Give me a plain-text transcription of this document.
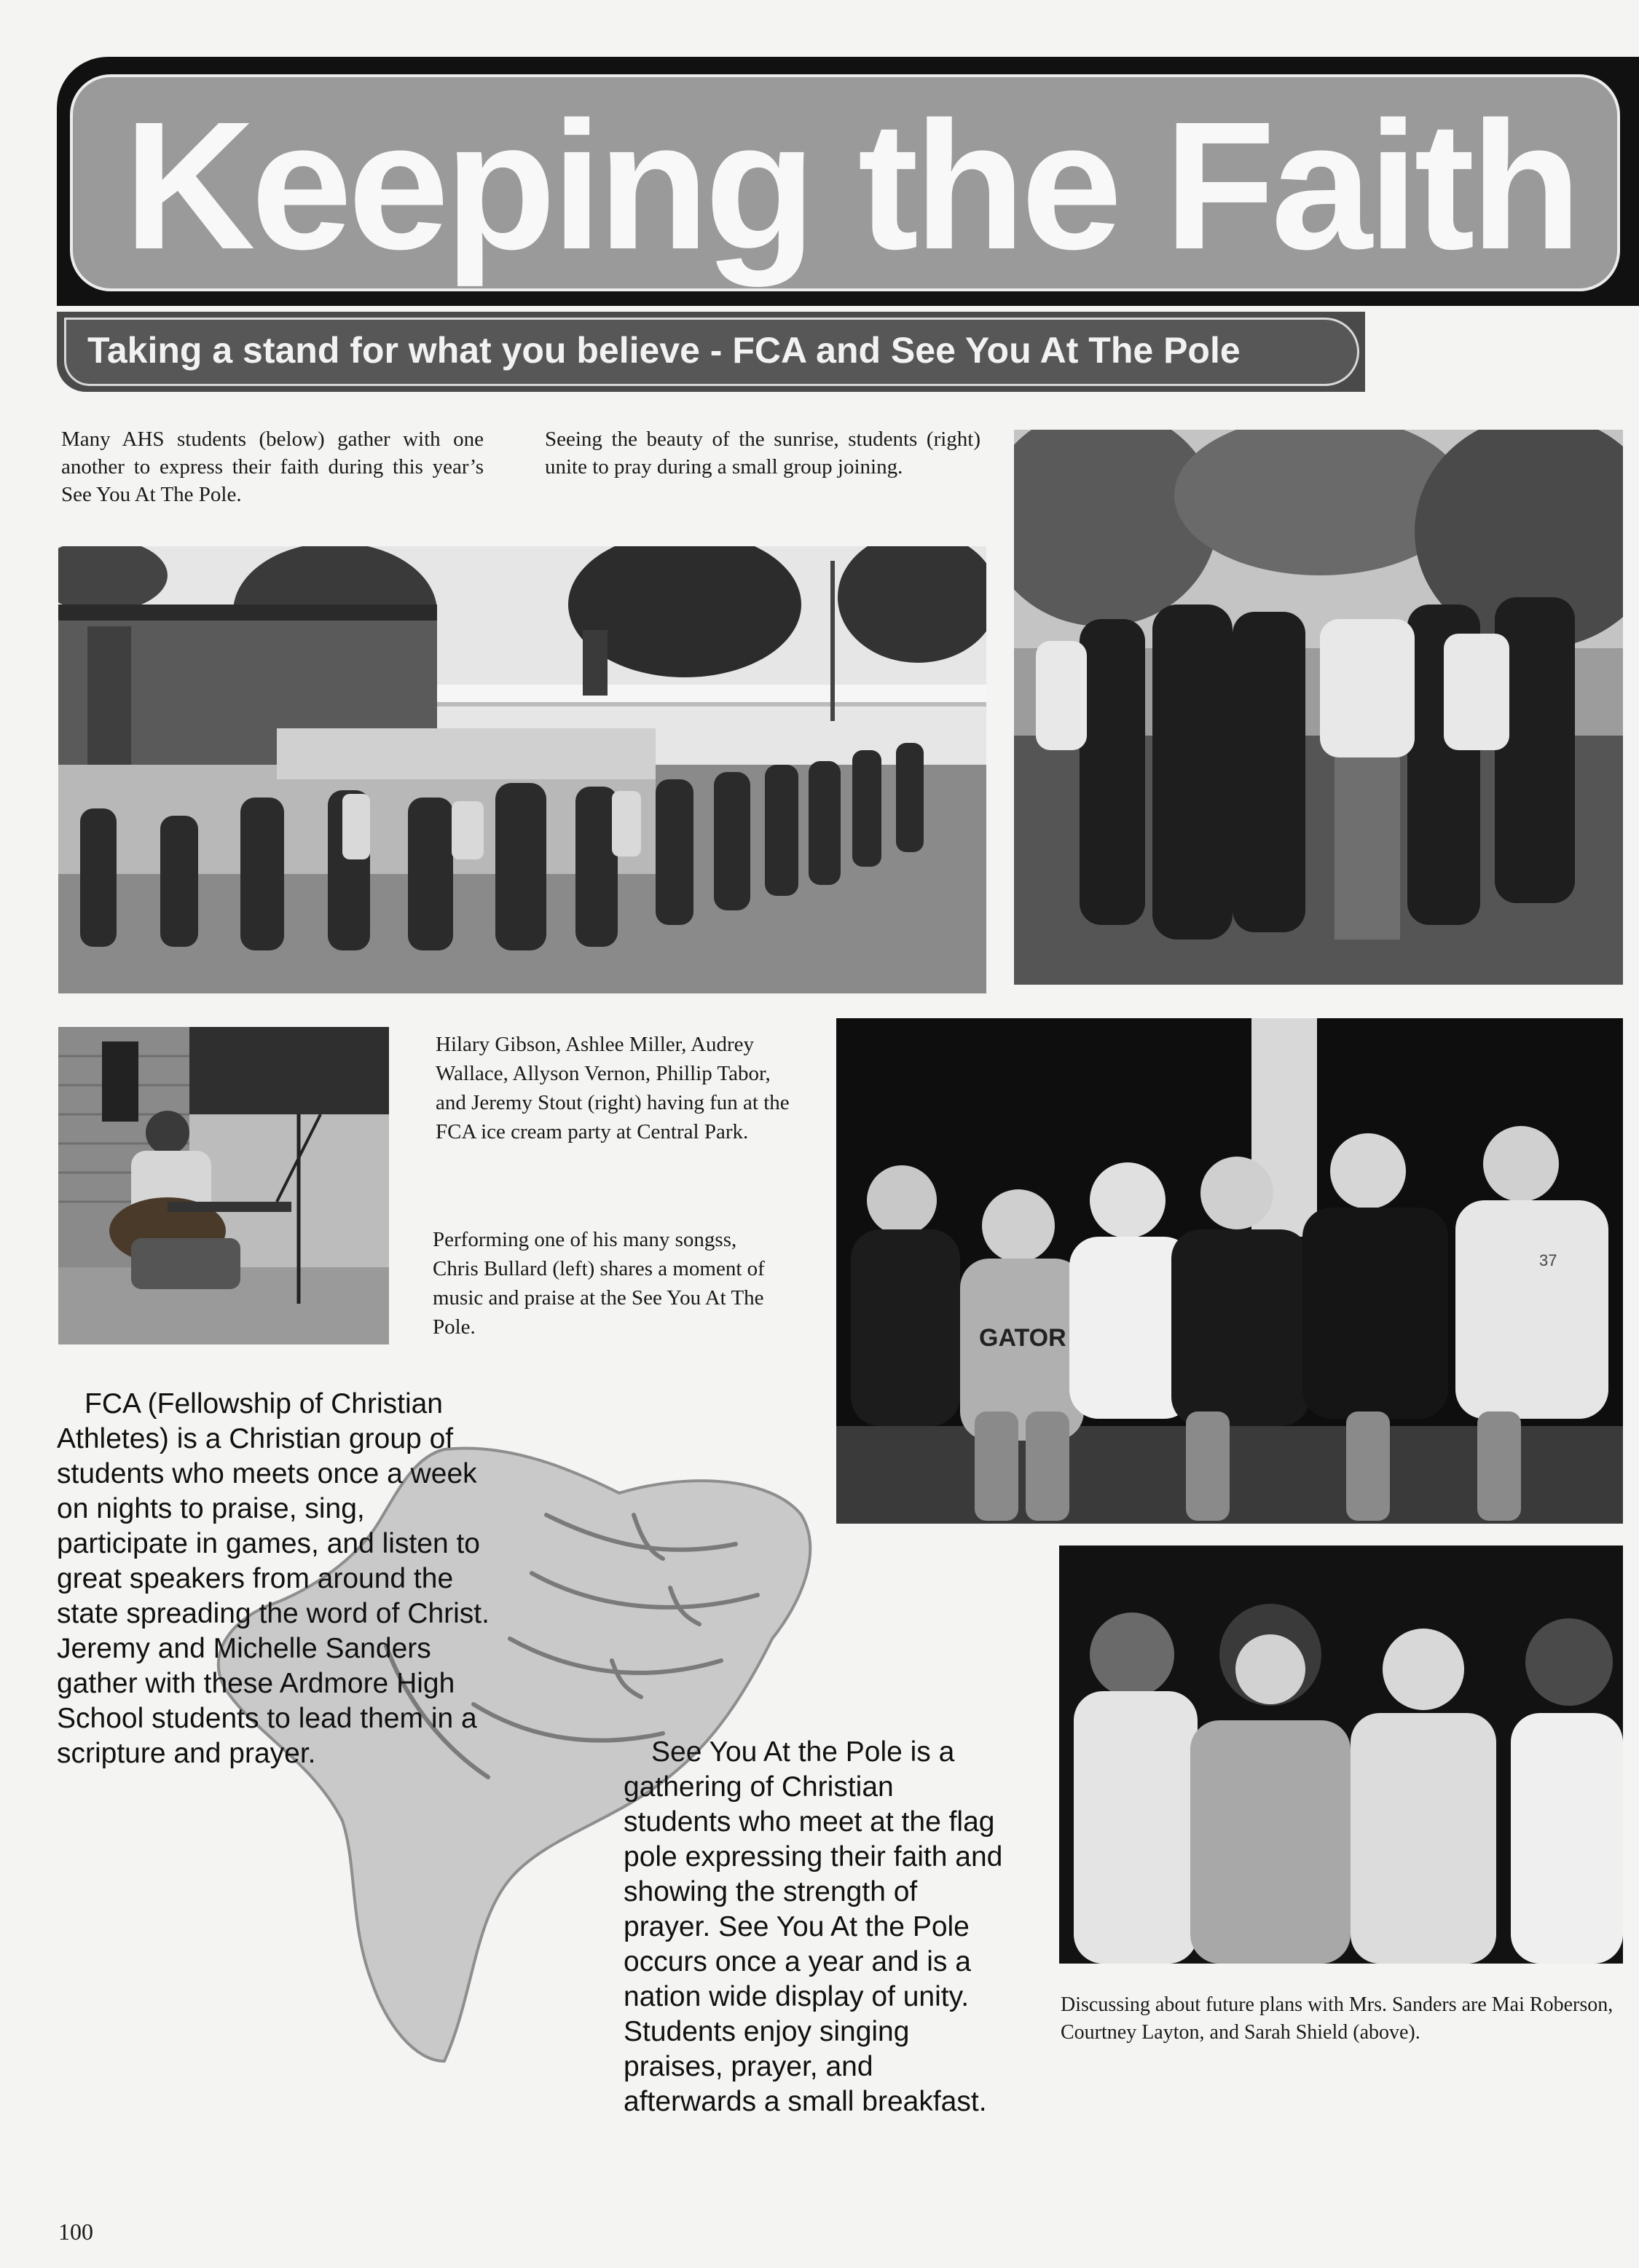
Keeping the Faith
Taking a stand for what you believe - FCA and See You At The Pole
Many AHS students (below) gather with one another to express their faith during this year’s See You At The Pole.
Seeing the beauty of the sunrise, students (right) unite to pray during a small group joining.
Hilary Gibson, Ashlee Miller, Audrey Wallace, Allyson Vernon, Phillip Tabor, and Jeremy Stout (right) having fun at the FCA ice cream party at Central Park.
Performing one of his many songss, Chris Bullard (left) shares a moment of music and praise at the See You At The Pole.	GATOR
37
Discussing about future plans with Mrs. Sanders are Mai Roberson, Courtney Layton, and Sarah Shield (above).
FCA (Fellowship of Christian Athletes) is a Christian group of students who meets once a week on nights to praise, sing, participate in games, and listen to great speakers from around the state spreading the word of Christ. Jeremy and Michelle Sanders gather with these Ardmore High School students to lead them in a scripture and prayer.	See You At the Pole is a gathering of Christian students who meet at the flag pole expressing their faith and showing the strength of prayer. See You At the Pole occurs once a year and is a nation wide display of unity. Students enjoy singing praises, prayer, and afterwards a small breakfast.
100
